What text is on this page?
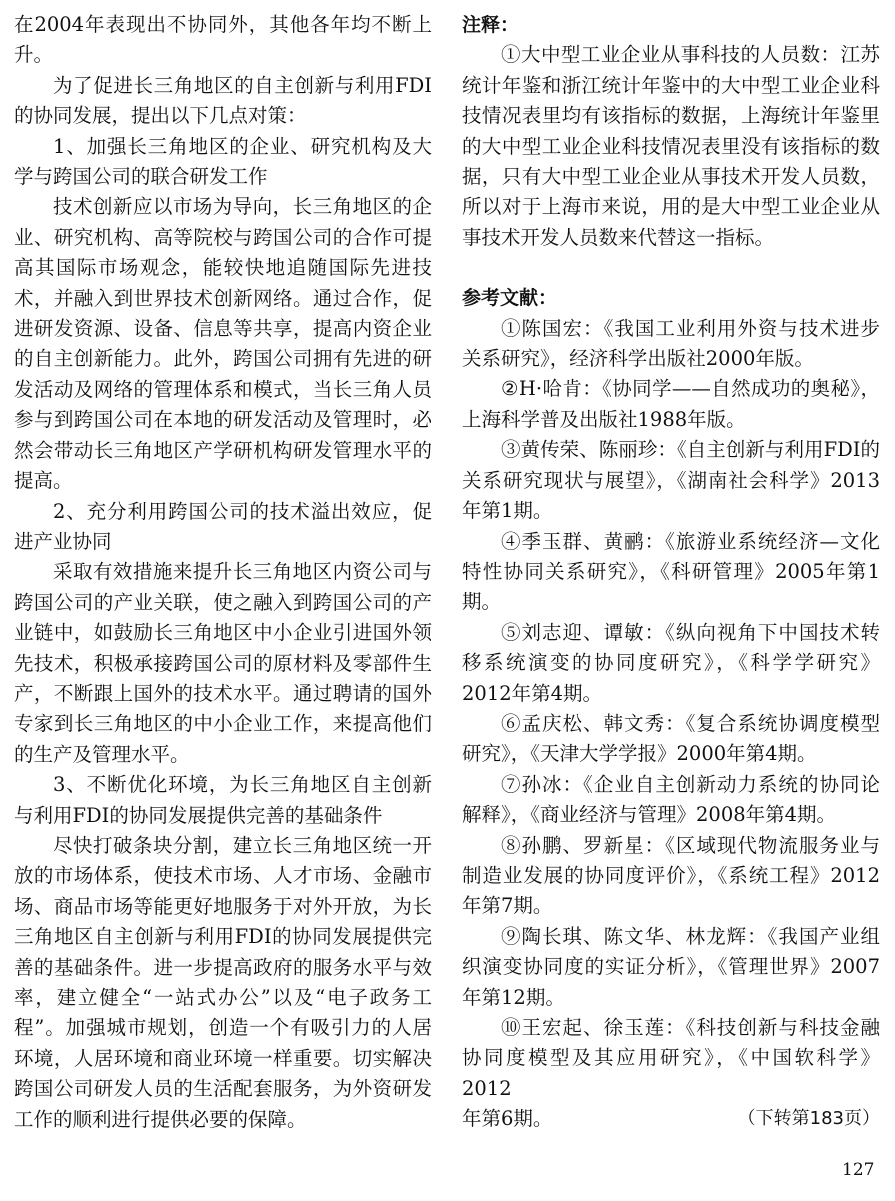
在2004年表现出不协同外，其他各年均不断上升。

为了促进长三角地区的自主创新与利用FDI的协同发展，提出以下几点对策：

1、加强长三角地区的企业、研究机构及大学与跨国公司的联合研发工作

技术创新应以市场为导向，长三角地区的企业、研究机构、高等院校与跨国公司的合作可提高其国际市场观念，能较快地追随国际先进技术，并融入到世界技术创新网络。通过合作，促进研发资源、设备、信息等共享，提高内资企业的自主创新能力。此外，跨国公司拥有先进的研发活动及网络的管理体系和模式，当长三角人员参与到跨国公司在本地的研发活动及管理时，必然会带动长三角地区产学研机构研发管理水平的提高。

2、充分利用跨国公司的技术溢出效应，促进产业协同

采取有效措施来提升长三角地区内资公司与跨国公司的产业关联，使之融入到跨国公司的产业链中，如鼓励长三角地区中小企业引进国外领先技术，积极承接跨国公司的原材料及零部件生产，不断跟上国外的技术水平。通过聘请的国外专家到长三角地区的中小企业工作，来提高他们的生产及管理水平。

3、不断优化环境，为长三角地区自主创新与利用FDI的协同发展提供完善的基础条件

尽快打破条块分割，建立长三角地区统一开放的市场体系，使技术市场、人才市场、金融市场、商品市场等能更好地服务于对外开放，为长三角地区自主创新与利用FDI的协同发展提供完善的基础条件。进一步提高政府的服务水平与效率，建立健全“一站式办公”以及“电子政务工程”。加强城市规划，创造一个有吸引力的人居环境，人居环境和商业环境一样重要。切实解决跨国公司研发人员的生活配套服务，为外资研发工作的顺利进行提供必要的保障。

注释：

①大中型工业企业从事科技的人员数：江苏统计年鉴和浙江统计年鉴中的大中型工业企业科技情况表里均有该指标的数据，上海统计年鉴里的大中型工业企业科技情况表里没有该指标的数据，只有大中型工业企业从事技术开发人员数，所以对于上海市来说，用的是大中型工业企业从事技术开发人员数来代替这一指标。

参考文献：

①陈国宏：《我国工业利用外资与技术进步关系研究》，经济科学出版社2000年版。

②H·哈肯：《协同学——自然成功的奥秘》，上海科学普及出版社1988年版。

③黄传荣、陈丽珍：《自主创新与利用FDI的关系研究现状与展望》，《湖南社会科学》2013年第1期。

④季玉群、黄鹂：《旅游业系统经济—文化特性协同关系研究》，《科研管理》2005年第1期。

⑤刘志迎、谭敏：《纵向视角下中国技术转移系统演变的协同度研究》，《科学学研究》2012年第4期。

⑥孟庆松、韩文秀：《复合系统协调度模型研究》，《天津大学学报》2000年第4期。

⑦孙冰：《企业自主创新动力系统的协同论解释》，《商业经济与管理》2008年第4期。

⑧孙鹏、罗新星：《区域现代物流服务业与制造业发展的协同度评价》，《系统工程》2012年第7期。

⑨陶长琪、陈文华、林龙辉：《我国产业组织演变协同度的实证分析》，《管理世界》2007年第12期。

⑩王宏起、徐玉莲：《科技创新与科技金融协同度模型及其应用研究》，《中国软科学》2012

年第6期。	（下转第183页）
127
